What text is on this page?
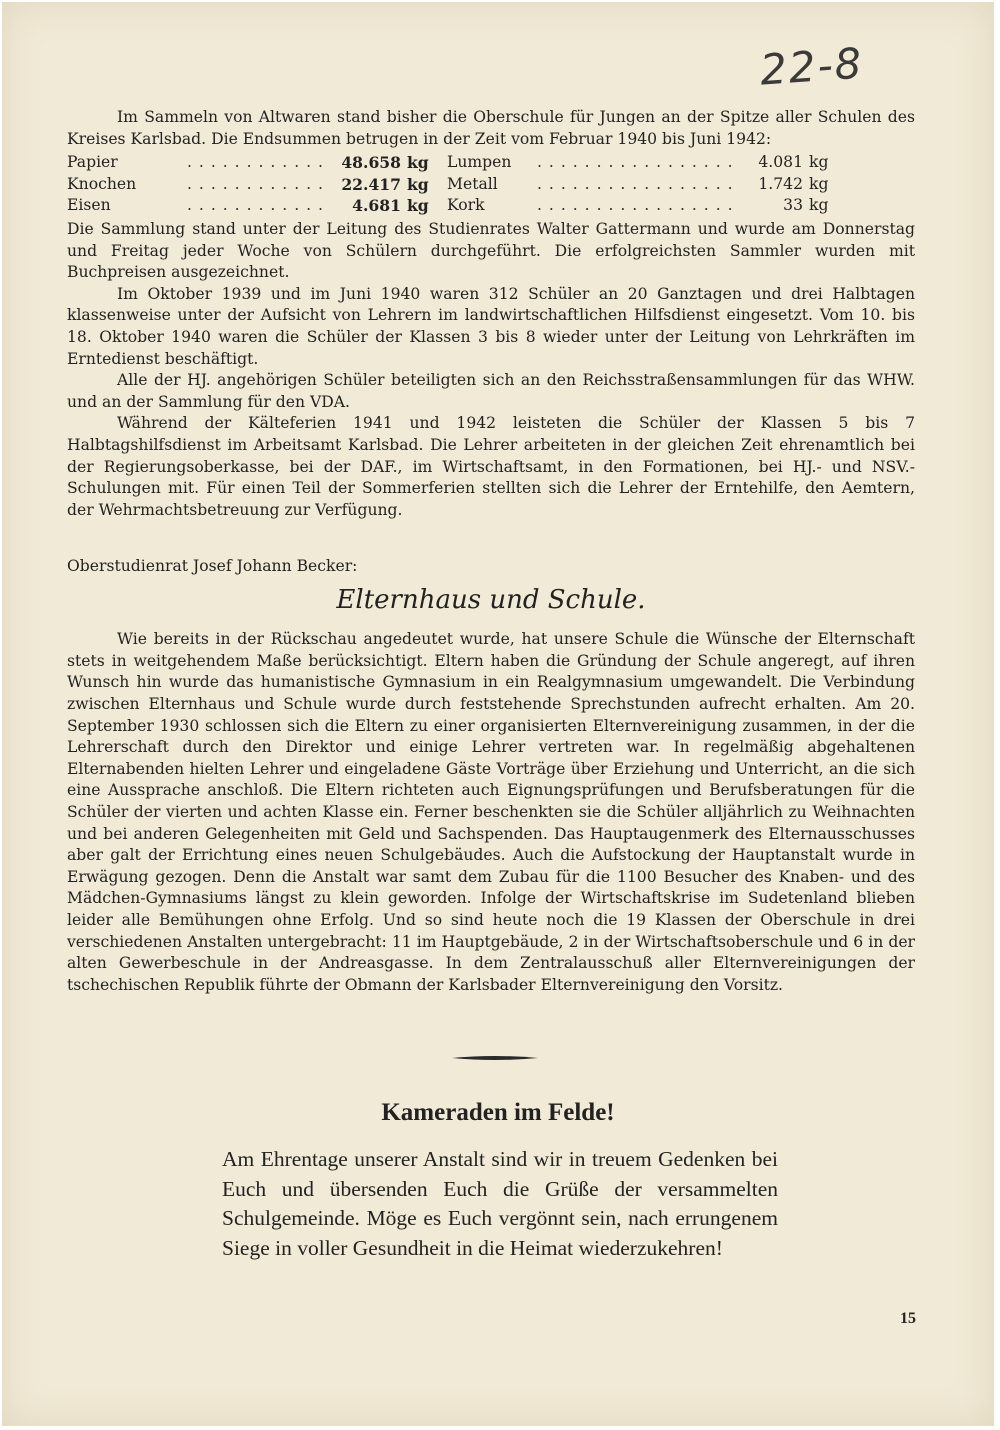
22-8

Im Sammeln von Altwaren stand bisher die Oberschule für Jungen an der Spitze aller Schulen des Kreises Karlsbad. Die Endsummen betrugen in der Zeit vom Februar 1940 bis Juni 1942:

Papier	. . . . . . . . . . . .	48.658	kg	Lumpen	. . . . . . . . . . . . . . . . .	4.081	kg
Knochen	. . . . . . . . . . . .	22.417	kg	Metall	. . . . . . . . . . . . . . . . .	1.742	kg
Eisen	. . . . . . . . . . . .	4.681	kg	Kork	. . . . . . . . . . . . . . . . .	33	kg

Die Sammlung stand unter der Leitung des Studienrates Walter Gattermann und wurde am Donnerstag und Freitag jeder Woche von Schülern durchgeführt. Die erfolgreichsten Sammler wurden mit Buchpreisen ausgezeichnet.

Im Oktober 1939 und im Juni 1940 waren 312 Schüler an 20 Ganztagen und drei Halbtagen klassenweise unter der Aufsicht von Lehrern im landwirtschaftlichen Hilfsdienst eingesetzt. Vom 10. bis 18. Oktober 1940 waren die Schüler der Klassen 3 bis 8 wieder unter der Leitung von Lehrkräften im Erntedienst beschäftigt.

Alle der HJ. angehörigen Schüler beteiligten sich an den Reichsstraßensammlungen für das WHW. und an der Sammlung für den VDA.

Während der Kälteferien 1941 und 1942 leisteten die Schüler der Klassen 5 bis 7 Halbtagshilfsdienst im Arbeitsamt Karlsbad. Die Lehrer arbeiteten in der gleichen Zeit ehrenamtlich bei der Regierungsoberkasse, bei der DAF., im Wirtschaftsamt, in den Formationen, bei HJ.- und NSV.-Schulungen mit. Für einen Teil der Sommerferien stellten sich die Lehrer der Erntehilfe, den Aemtern, der Wehrmachtsbetreuung zur Verfügung.

Oberstudienrat Josef Johann Becker:
Elternhaus und Schule.

Wie bereits in der Rückschau angedeutet wurde, hat unsere Schule die Wünsche der Elternschaft stets in weitgehendem Maße berücksichtigt. Eltern haben die Gründung der Schule angeregt, auf ihren Wunsch hin wurde das humanistische Gymnasium in ein Realgymnasium umgewandelt. Die Verbindung zwischen Elternhaus und Schule wurde durch feststehende Sprechstunden aufrecht erhalten. Am 20. September 1930 schlossen sich die Eltern zu einer organisierten Elternvereinigung zusammen, in der die Lehrerschaft durch den Direktor und einige Lehrer vertreten war. In regelmäßig abgehaltenen Elternabenden hielten Lehrer und eingeladene Gäste Vorträge über Erziehung und Unterricht, an die sich eine Aussprache anschloß. Die Eltern richteten auch Eignungsprüfungen und Berufsberatungen für die Schüler der vierten und achten Klasse ein. Ferner beschenkten sie die Schüler alljährlich zu Weihnachten und bei anderen Gelegenheiten mit Geld und Sachspenden. Das Hauptaugenmerk des Elternausschusses aber galt der Errichtung eines neuen Schulgebäudes. Auch die Aufstockung der Hauptanstalt wurde in Erwägung gezogen. Denn die Anstalt war samt dem Zubau für die 1100 Besucher des Knaben- und des Mädchen-Gymnasiums längst zu klein geworden. Infolge der Wirtschaftskrise im Sudetenland blieben leider alle Bemühungen ohne Erfolg. Und so sind heute noch die 19 Klassen der Oberschule in drei verschiedenen Anstalten untergebracht: 11 im Hauptgebäude, 2 in der Wirtschaftsoberschule und 6 in der alten Gewerbeschule in der Andreasgasse. In dem Zentralausschuß aller Elternvereinigungen der tschechischen Republik führte der Obmann der Karlsbader Elternvereinigung den Vorsitz.

Kameraden im Felde!
Am Ehrentage unserer Anstalt sind wir in treuem Gedenken bei Euch und übersenden Euch die Grüße der versammelten Schulgemeinde. Möge es Euch vergönnt sein, nach errungenem Siege in voller Gesundheit in die Heimat wiederzukehren!
15
